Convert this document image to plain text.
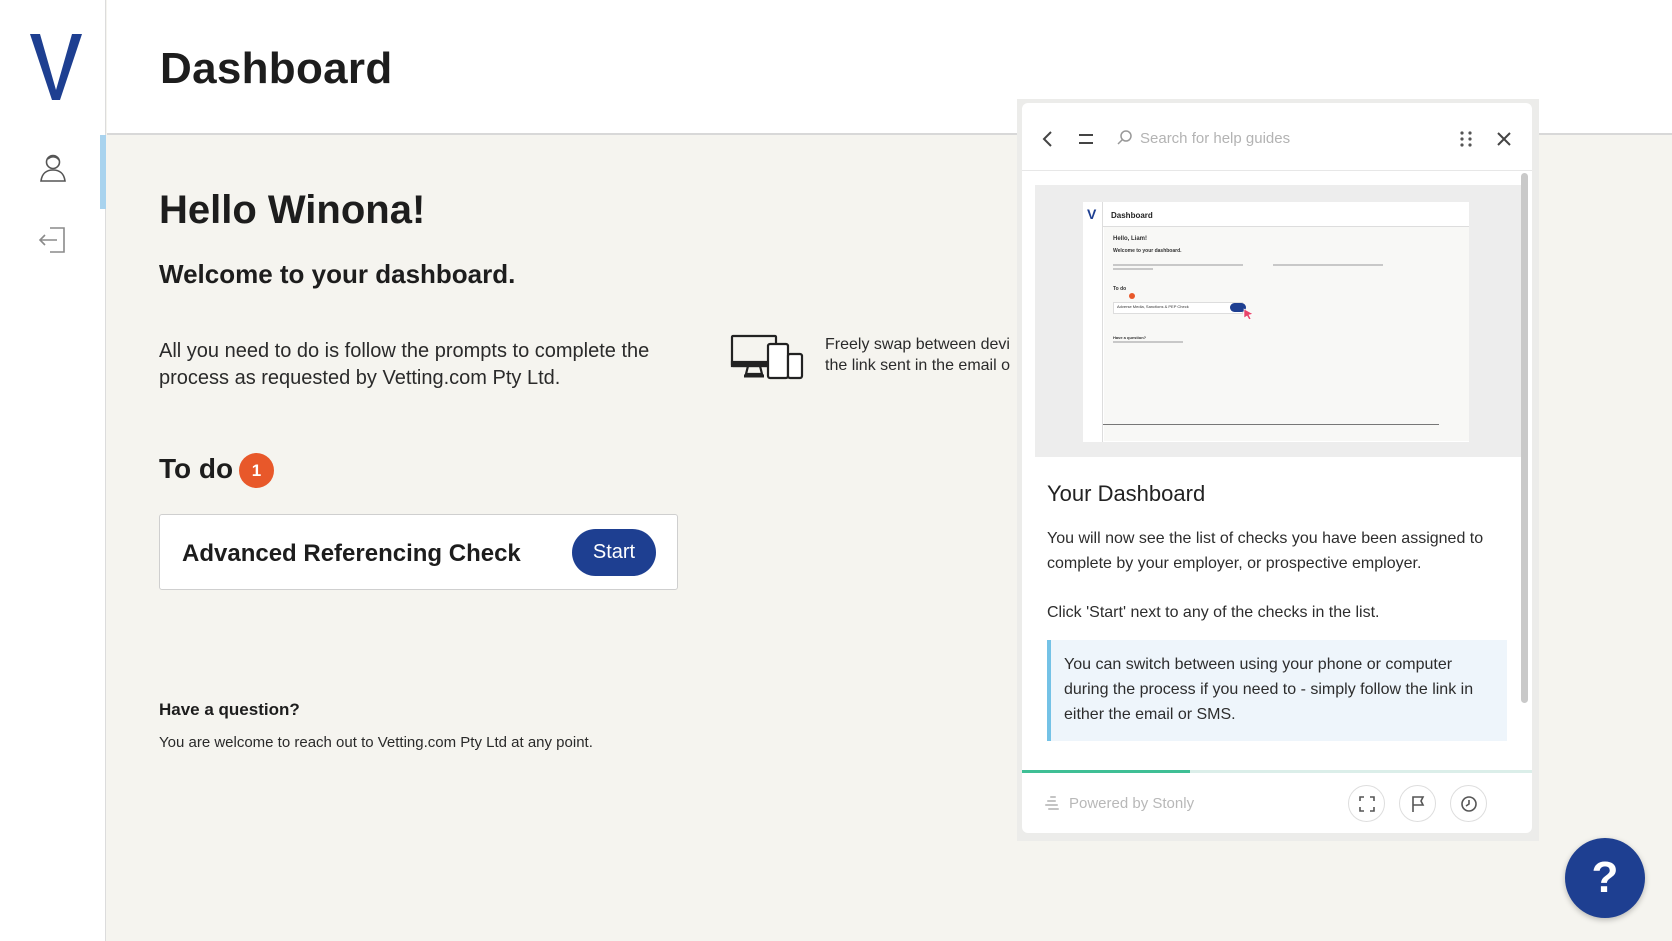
Dashboard
Hello Winona!
Welcome to your dashboard.
All you need to do is follow the prompts to complete the process as requested by Vetting.com Pty Ltd.
Freely swap between devi
the link sent in the email o
To do	1
Advanced Referencing Check	Start
Have a question?
You are welcome to reach out to Vetting.com Pty Ltd at any point.
Search for help guides
V Dashboard
Hello, Liam!
Welcome to your dashboard.
To do
Adverse Media, Sanctions & PEP Check
Have a question?
Your Dashboard
You will now see the list of checks you have been assigned to complete by your employer, or prospective employer.
Click 'Start' next to any of the checks in the list.
You can switch between using your phone or computer during the process if you need to - simply follow the link in either the email or SMS.
Powered by Stonly
?
